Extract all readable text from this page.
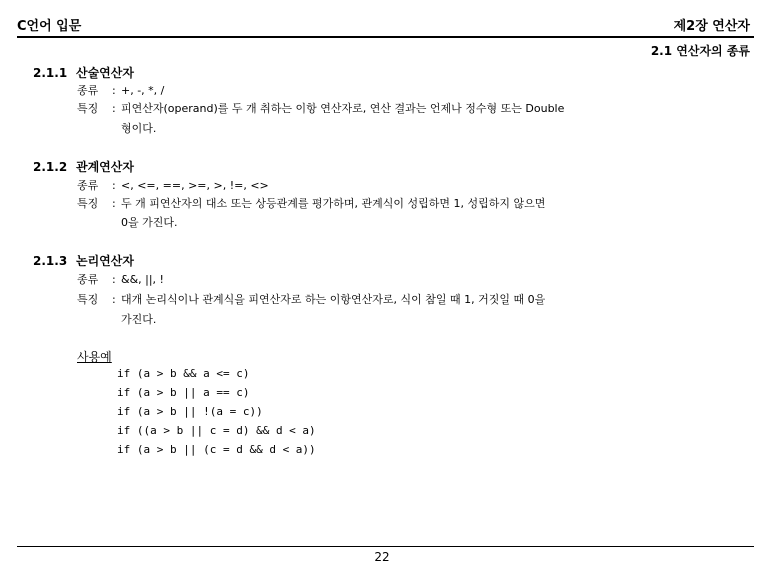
C언어 입문	제2장 연산자
2.1 연산자의 종류
2.1.1 산술연산자
종류 : +, -, *, /
특징 : 피연산자(operand)를 두 개 취하는 이항 연산자로, 연산 결과는 언제나 정수형 또는 Double
형이다.
2.1.2 관계연산자
종류 : <, <=, ==, >=, >, !=, <>
특징 : 두 개 피연산자의 대소 또는 상등관계를 평가하며, 관계식이 성립하면 1, 성립하지 않으면
0을 가진다.
2.1.3 논리연산자
종류 : &&, ||, !
특징 : 대개 논리식이나 관계식을 피연산자로 하는 이항연산자로, 식이 참일 때 1, 거짓일 때 0을
가진다.
사용예
if (a > b && a <= c)
if (a > b || a == c)
if (a > b || !(a = c))
if ((a > b || c = d) && d < a)
if (a > b || (c = d && d < a))
22
